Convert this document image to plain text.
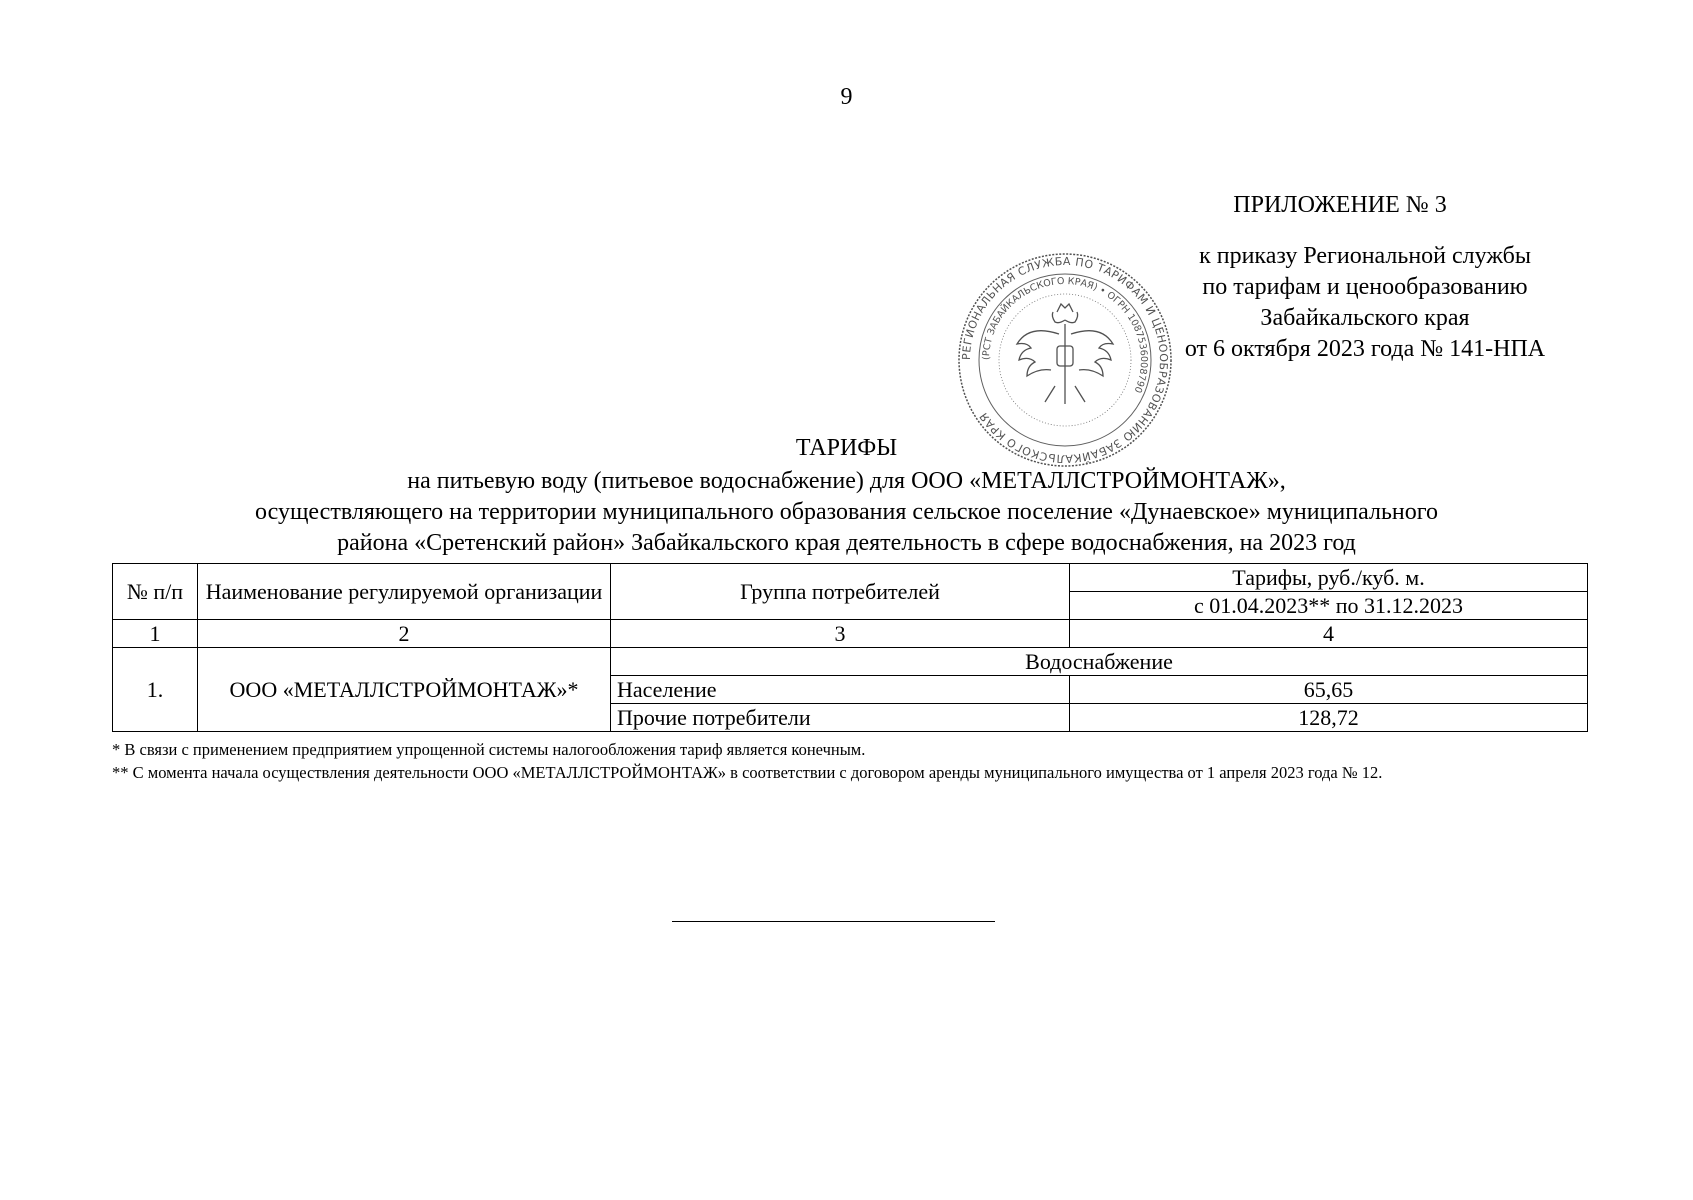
9
ПРИЛОЖЕНИЕ № 3
к приказу Региональной службы
по тарифам и ценообразованию
Забайкальского края
от 6 октября 2023 года № 141-НПА
РЕГИОНАЛЬНАЯ СЛУЖБА ПО ТАРИФАМ И ЦЕНООБРАЗОВАНИЮ ЗАБАЙКАЛЬСКОГО КРАЯ
(РСТ ЗАБАЙКАЛЬСКОГО КРАЯ) • ОГРН 1087536008790
ТАРИФЫ
на питьевую воду (питьевое водоснабжение) для ООО «МЕТАЛЛСТРОЙМОНТАЖ»,
осуществляющего на территории муниципального образования сельское поселение «Дунаевское» муниципального
района «Сретенский район» Забайкальского края деятельность в сфере водоснабжения, на 2023 год
№ п/п	Наименование регулируемой организации	Группа потребителей	Тарифы, руб./куб. м.
			с 01.04.2023** по 31.12.2023
1	2	3	4
1.	ООО «МЕТАЛЛСТРОЙМОНТАЖ»*	Водоснабжение	
		Население	65,65
		Прочие потребители	128,72
* В связи с применением предприятием упрощенной системы налогообложения тариф является конечным.
** С момента начала осуществления деятельности ООО «МЕТАЛЛСТРОЙМОНТАЖ» в соответствии с договором аренды муниципального имущества от 1 апреля 2023 года № 12.
